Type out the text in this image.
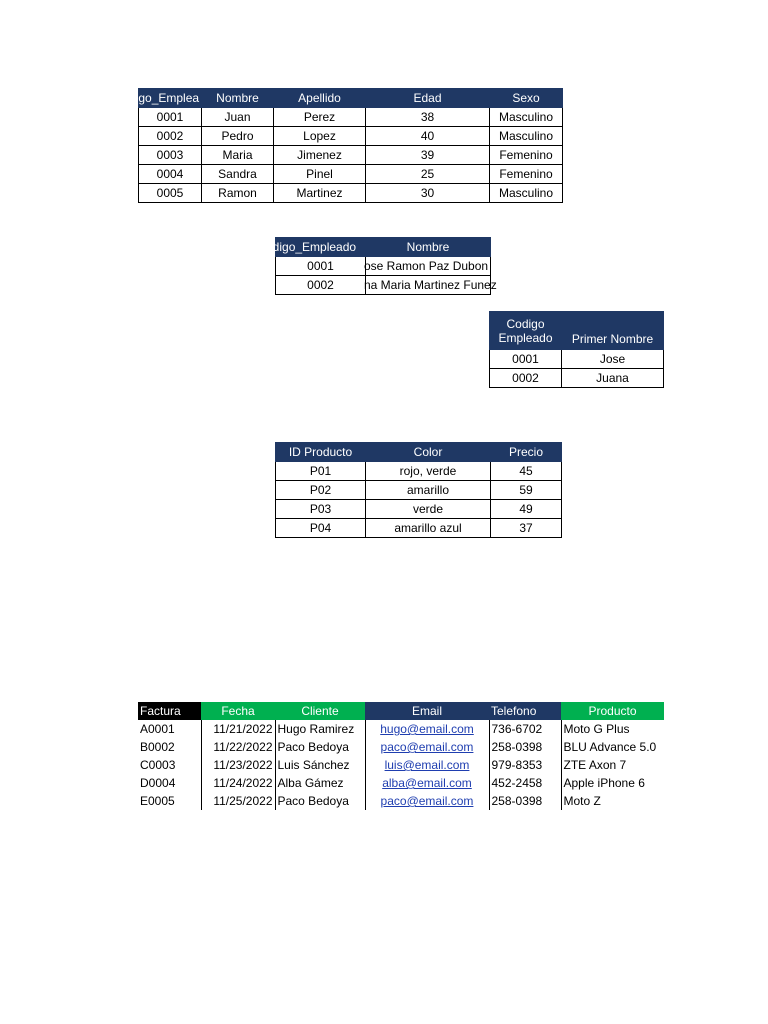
digo_Emplea	Nombre	Apellido	Edad	Sexo
0001	Juan	Perez	38	Masculino
0002	Pedro	Lopez	40	Masculino
0003	Maria	Jimenez	39	Femenino
0004	Sandra	Pinel	25	Femenino
0005	Ramon	Martinez	30	Masculino
odigo_Empleado	Nombre
0001	ose Ramon Paz Dubon
0002	na Maria Martinez Funez
Codigo Empleado	Primer Nombre
0001	Jose
0002	Juana
ID Producto	Color	Precio
P01	rojo, verde	45
P02	amarillo	59
P03	verde	49
P04	amarillo azul	37
Factura	Fecha	Cliente	Email	Telefono	Producto
A0001	11/21/2022	Hugo Ramirez	hugo@email.com	736-6702	Moto G Plus
B0002	11/22/2022	Paco Bedoya	paco@email.com	258-0398	BLU Advance 5.0
C0003	11/23/2022	Luis Sánchez	luis@email.com	979-8353	ZTE Axon 7
D0004	11/24/2022	Alba Gámez	alba@email.com	452-2458	Apple iPhone 6
E0005	11/25/2022	Paco Bedoya	paco@email.com	258-0398	Moto Z
